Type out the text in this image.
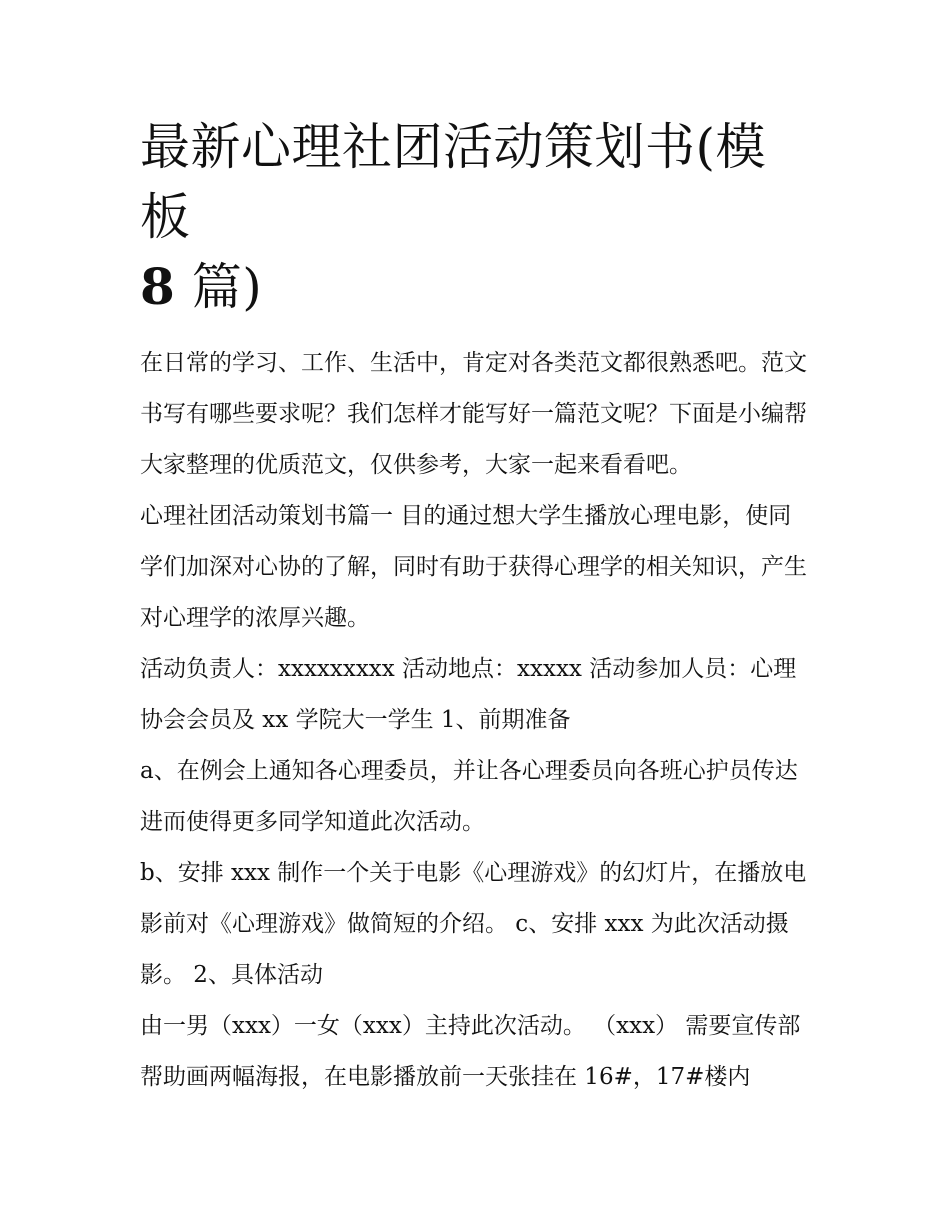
最新心理社团活动策划书(模板
8 篇)

在日常的学习、工作、生活中，肯定对各类范文都很熟悉吧。范文书写有哪些要求呢？我们怎样才能写好一篇范文呢？下面是小编帮大家整理的优质范文，仅供参考，大家一起来看看吧。

心理社团活动策划书篇一 目的通过想大学生播放心理电影，使同学们加深对心协的了解，同时有助于获得心理学的相关知识，产生对心理学的浓厚兴趣。

活动负责人：xxxxxxxxx 活动地点：xxxxx 活动参加人员：心理协会会员及 xx 学院大一学生 1、前期准备

a、在例会上通知各心理委员，并让各心理委员向各班心护员传达进而使得更多同学知道此次活动。

b、安排 xxx 制作一个关于电影《心理游戏》的幻灯片，在播放电影前对《心理游戏》做简短的介绍。 c、安排 xxx 为此次活动摄影。 2、具体活动

由一男（xxx）一女（xxx）主持此次活动。 （xxx） 需要宣传部帮助画两幅海报，在电影播放前一天张挂在 16#，17#楼内
